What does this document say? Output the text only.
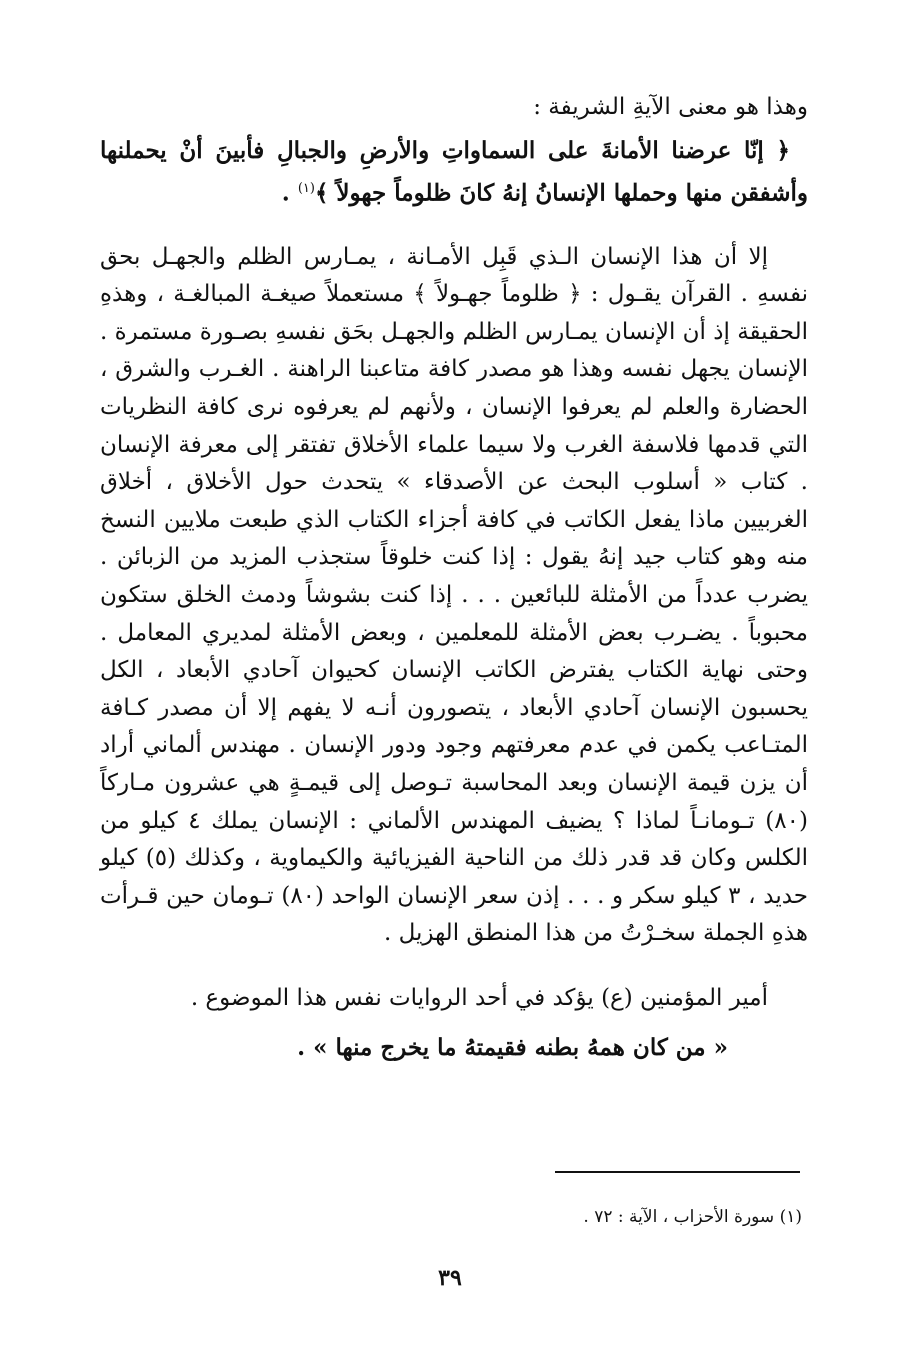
وهذا هو معنى الآيةِ الشريفة :

﴿ إنّا عرضنا الأمانةَ على السماواتِ والأرضِ والجبالِ فأبينَ أنْ يحملنها وأشفقن منها وحملها الإنسانُ إنهُ كانَ ظلوماً جهولاً ﴾$^{(١)}$ .

إلا أن هذا الإنسان الـذي قَبِل الأمـانة ، يمـارس الظلم والجهـل بحق نفسهِ . القرآن يقـول : ﴿ ظلوماً جهـولاً ﴾ مستعملاً صيغـة المبالغـة ، وهذهِ الحقيقة إذ أن الإنسان يمـارس الظلم والجهـل بحَق نفسهِ بصـورة مستمرة . الإنسان يجهل نفسه وهذا هو مصدر كافة متاعبنا الراهنة . الغـرب والشرق ، الحضارة والعلم لم يعرفوا الإنسان ، ولأنهم لم يعرفوه نرى كافة النظريات التي قدمها فلاسفة الغرب ولا سيما علماء الأخلاق تفتقر إلى معرفة الإنسان . كتاب « أسلوب البحث عن الأصدقاء » يتحدث حول الأخلاق ، أخلاق الغربيين ماذا يفعل الكاتب في كافة أجزاء الكتاب الذي طبعت ملايين النسخ منه وهو كتاب جيد إنهُ يقول : إذا كنت خلوقاً ستجذب المزيد من الزبائن . يضرب عدداً من الأمثلة للبائعين . . . إذا كنت بشوشاً ودمث الخلق ستكون محبوباً . يضـرب بعض الأمثلة للمعلمين ، وبعض الأمثلة لمديري المعامل . وحتى نهاية الكتاب يفترض الكاتب الإنسان كحيوان آحادي الأبعاد ، الكل يحسبون الإنسان آحادي الأبعاد ، يتصورون أنـه لا يفهم إلا أن مصدر كـافة المتـاعب يكمن في عدم معرفتهم وجود ودور الإنسان . مهندس ألماني أراد أن يزن قيمة الإنسان وبعد المحاسبة تـوصل إلى قيمـةٍ هي عشرون مـاركاً (٨٠) تـومانـاً لماذا ؟ يضيف المهندس الألماني : الإنسان يملك ٤ كيلو من الكلس وكان قد قدر ذلك من الناحية الفيزيائية والكيماوية ، وكذلك (٥) كيلو حديد ، ٣ كيلو سكر و . . . إذن سعر الإنسان الواحد (٨٠) تـومان حين قـرأت هذهِ الجملة سخـرْتُ من هذا المنطق الهزيل .

أمير المؤمنين (ع) يؤكد في أحد الروايات نفس هذا الموضوع .

« من كان همهُ بطنه فقيمتهُ ما يخرج منها » .

(١) سورة الأحزاب ، الآية : ٧٢ .
٣٩
